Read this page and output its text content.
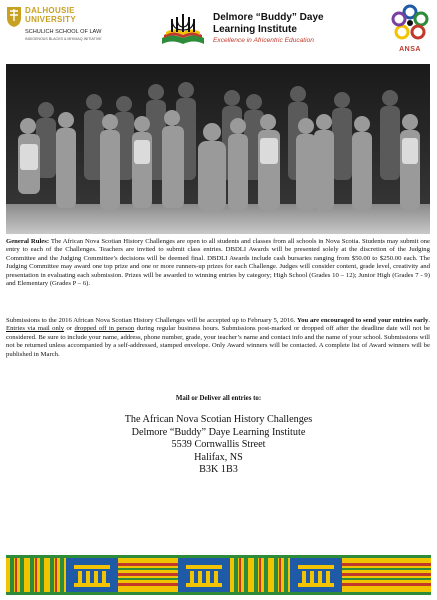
DALHOUSIE
UNIVERSITY
SCHULICH SCHOOL OF LAW
INDIGENOUS BLACKS & MI'KMAQ INITIATIVE
Delmore “Buddy” Daye
Learning Institute
Excellence in Africentric Education
ANSA
General Rules: The African Nova Scotian History Challenges are open to all students and classes from all schools in Nova Scotia. Students may submit one entry to each of the Challenges. Teachers are invited to submit class entries. DBDLI Awards will be presented solely at the discretion of the Judging Committee and the Judging Committee’s decisions will be deemed final. DBDLI Awards include cash bursaries ranging from $50.00 to $250.00 each. The Judging Committee may award one top prize and one or more runners-up prizes for each Challenge. Judges will consider content, grade level, creativity and presentation in evaluating each submission. Prizes will be awarded to winning entries by category; High School (Grades 10 – 12); Junior High (Grades 7 - 9) and Elementary (Grades P – 6).
Submissions to the 2016 African Nova Scotian History Challenges will be accepted up to February 5, 2016. You are encouraged to send your entries early. Entries via mail only or dropped off in person during regular business hours. Submissions post-marked or dropped off after the deadline date will not be considered. Be sure to include your name, address, phone number, grade, your teacher’s name and contact info and the name of your school. Submissions will not be returned unless accompanied by a self-addressed, stamped envelope. Only Award winners will be contacted. A complete list of Award winners will be published in March.
Mail or Deliver all entries to:
The African Nova Scotian History Challenges
Delmore “Buddy” Daye Learning Institute
5539 Cornwallis Street
Halifax, NS
B3K 1B3
